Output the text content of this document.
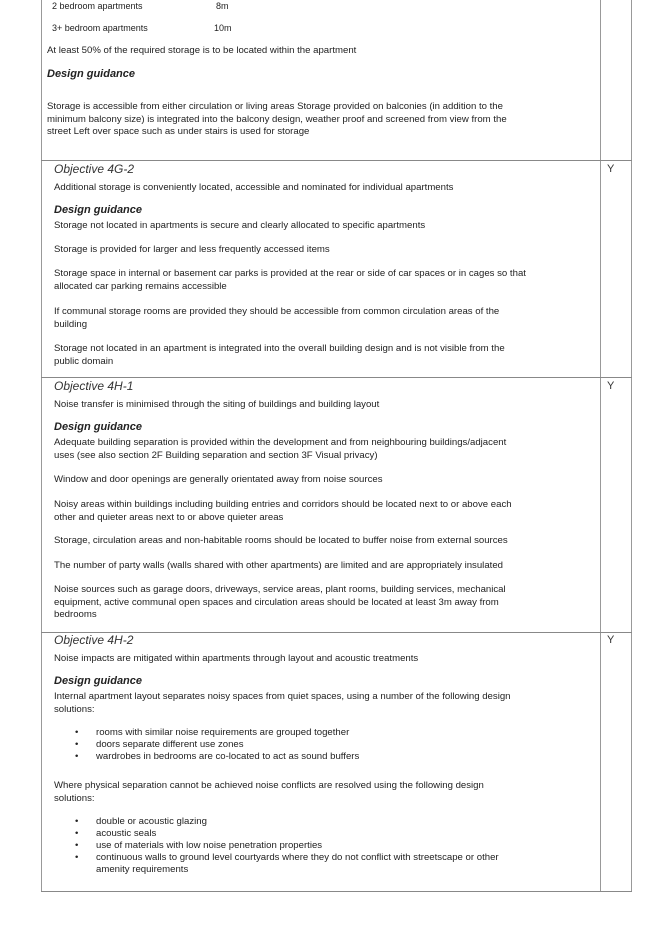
2 bedroom apartments	8m
3+ bedroom apartments	10m
At least 50% of the required storage is to be located within the apartment
Design guidance
Storage is accessible from either circulation or living areas Storage provided on balconies (in addition to the
minimum balcony size) is integrated into the balcony design, weather proof and screened from view from the
street Left over space such as under stairs is used for storage
Objective 4G-2	Y
Additional storage is conveniently located, accessible and nominated for individual apartments
Design guidance
Storage not located in apartments is secure and clearly allocated to specific apartments
Storage is provided for larger and less frequently accessed items
Storage space in internal or basement car parks is provided at the rear or side of car spaces or in cages so that
allocated car parking remains accessible
If communal storage rooms are provided they should be accessible from common circulation areas of the
building
Storage not located in an apartment is integrated into the overall building design and is not visible from the
public domain
Objective 4H-1	Y
Noise transfer is minimised through the siting of buildings and building layout
Design guidance
Adequate building separation is provided within the development and from neighbouring buildings/adjacent
uses (see also section 2F Building separation and section 3F Visual privacy)
Window and door openings are generally orientated away from noise sources
Noisy areas within buildings including building entries and corridors should be located next to or above each
other and quieter areas next to or above quieter areas
Storage, circulation areas and non-habitable rooms should be located to buffer noise from external sources
The number of party walls (walls shared with other apartments) are limited and are appropriately insulated
Noise sources such as garage doors, driveways, service areas, plant rooms, building services, mechanical
equipment, active communal open spaces and circulation areas should be located at least 3m away from
bedrooms
Objective 4H-2	Y
Noise impacts are mitigated within apartments through layout and acoustic treatments
Design guidance
Internal apartment layout separates noisy spaces from quiet spaces, using a number of the following design
solutions:
• rooms with similar noise requirements are grouped together
• doors separate different use zones
• wardrobes in bedrooms are co-located to act as sound buffers
Where physical separation cannot be achieved noise conflicts are resolved using the following design
solutions:
• double or acoustic glazing
• acoustic seals
• use of materials with low noise penetration properties
• continuous walls to ground level courtyards where they do not conflict with streetscape or other
amenity requirements
